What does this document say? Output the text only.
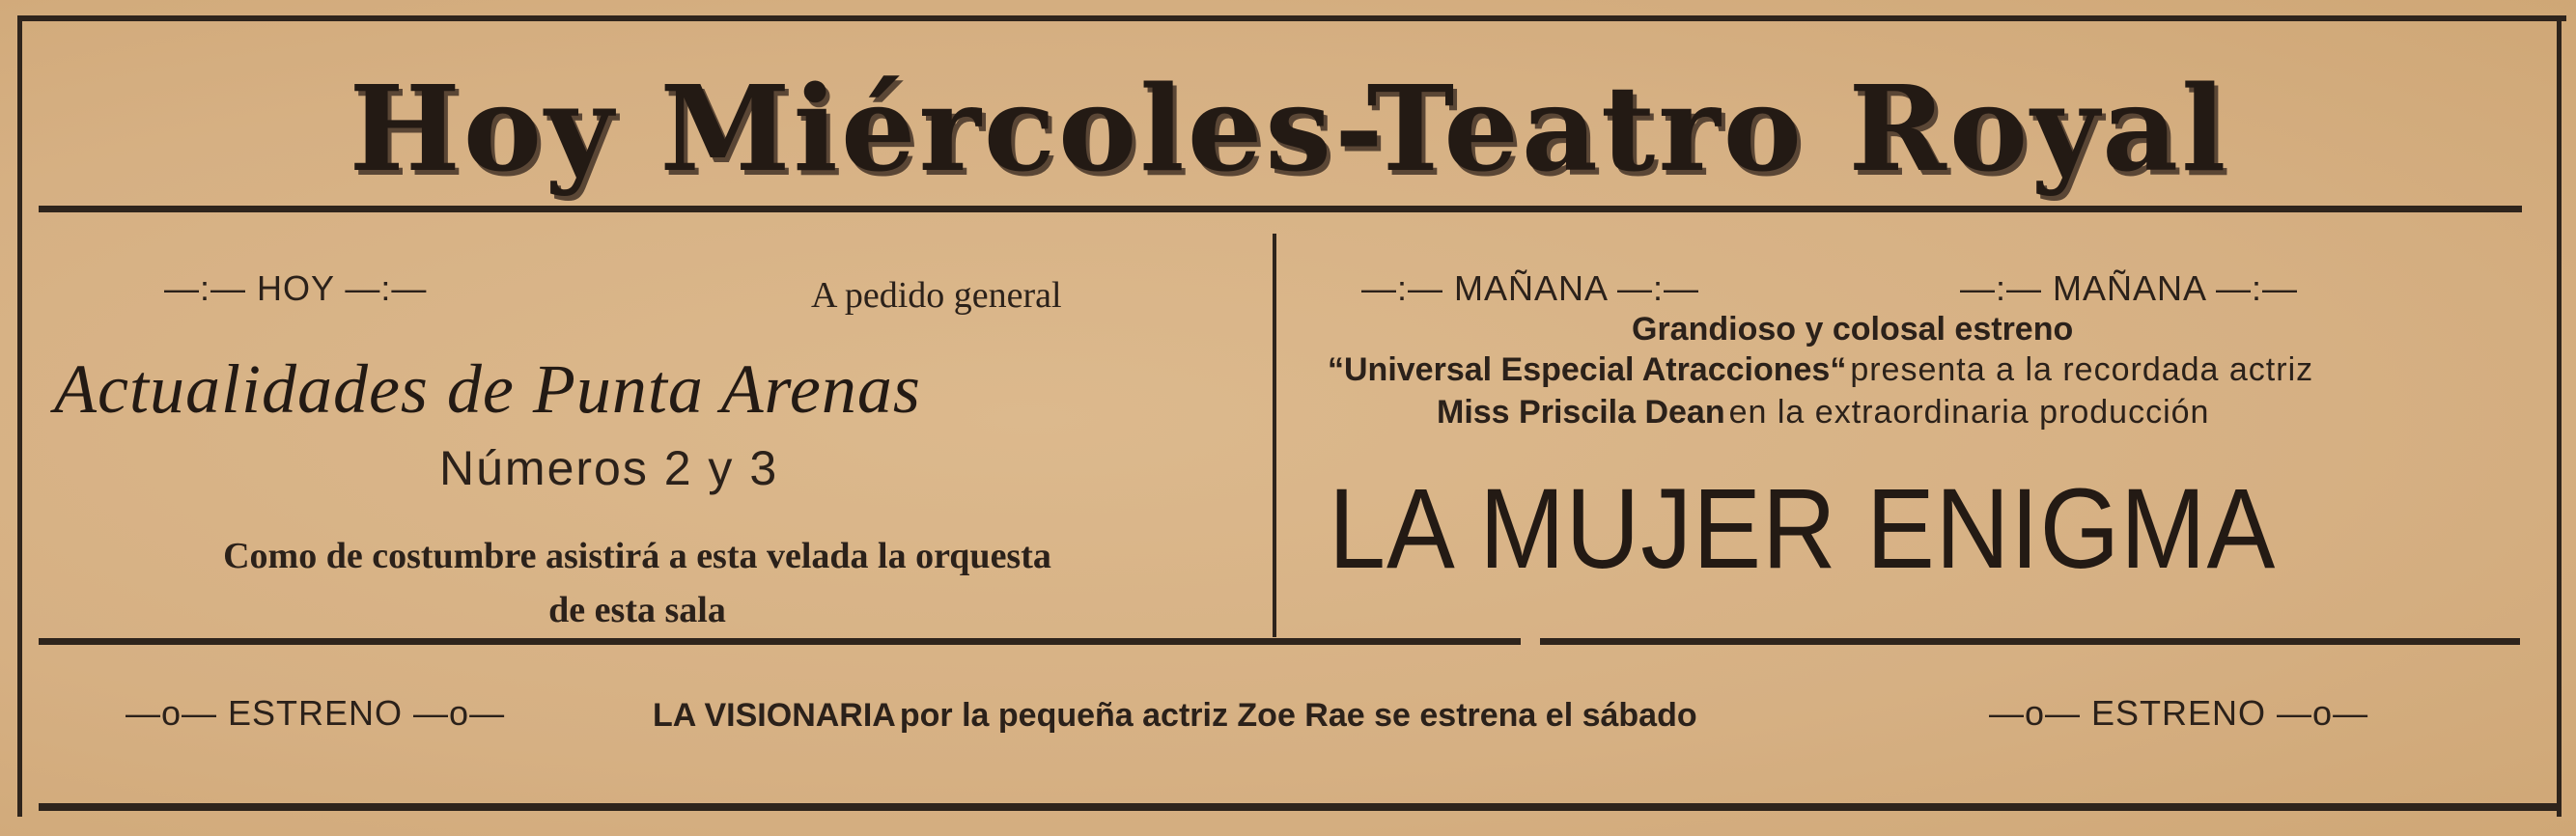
Hoy Miércoles-Teatro Royal
—:— HOY —:—	A pedido general
Actualidades de Punta Arenas
Números 2 y 3
Como de costumbre asistirá a esta velada la orquesta
de esta sala
—:— MAÑANA —:—	—:— MAÑANA —:—
Grandioso y colosal estreno
“Universal Especial Atracciones“ presenta a la recordada actriz
Miss Priscila Dean en la extraordinaria producción
LA MUJER ENIGMA
—o— ESTRENO —o—	LA VISIONARIA por la pequeña actriz Zoe Rae se estrena el sábado	—o— ESTRENO —o—
